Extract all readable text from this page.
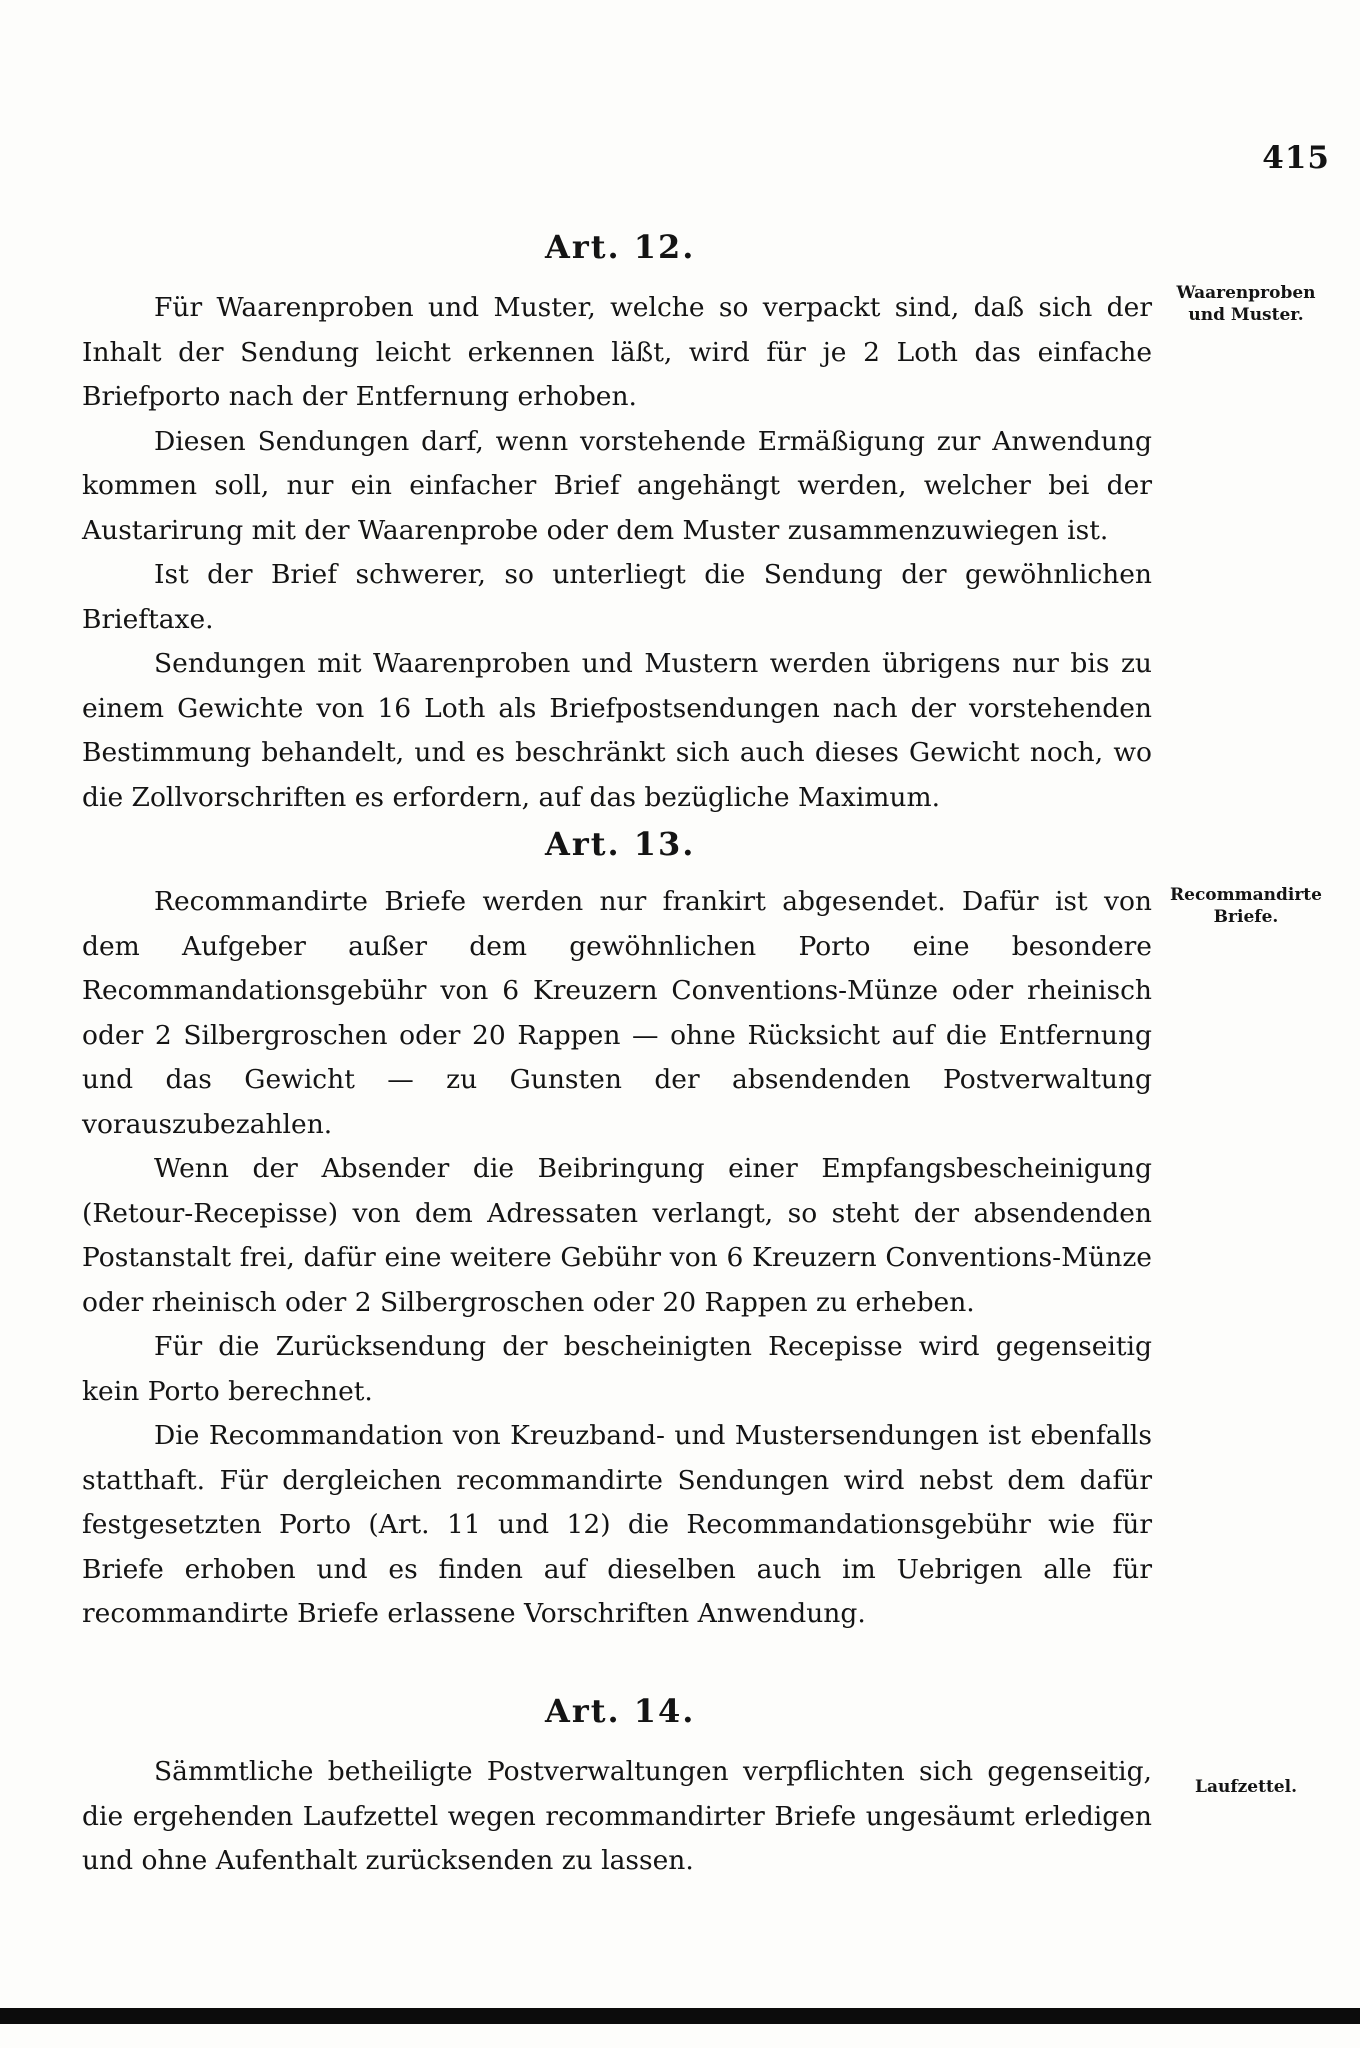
415
Art. 12.
Waarenproben und Muster.

Für Waarenproben und Muster, welche so verpackt sind, daß sich der Inhalt der Sendung leicht erkennen läßt, wird für je 2 Loth das einfache Briefporto nach der Entfernung erhoben.

Diesen Sendungen darf, wenn vorstehende Ermäßigung zur Anwendung kommen soll, nur ein einfacher Brief angehängt werden, welcher bei der Austarirung mit der Waarenprobe oder dem Muster zusammenzuwiegen ist.

Ist der Brief schwerer, so unterliegt die Sendung der gewöhnlichen Brieftaxe.

Sendungen mit Waarenproben und Mustern werden übrigens nur bis zu einem Gewichte von 16 Loth als Briefpostsendungen nach der vorstehenden Bestimmung behandelt, und es beschränkt sich auch dieses Gewicht noch, wo die Zollvorschriften es erfordern, auf das bezügliche Maximum.

Art. 13.
Recommandirte Briefe.

Recommandirte Briefe werden nur frankirt abgesendet. Dafür ist von dem Aufgeber außer dem gewöhnlichen Porto eine besondere Recommandationsgebühr von 6 Kreuzern Conventions-Münze oder rheinisch oder 2 Silbergroschen oder 20 Rappen — ohne Rücksicht auf die Entfernung und das Gewicht — zu Gunsten der absendenden Postverwaltung vorauszubezahlen.

Wenn der Absender die Beibringung einer Empfangsbescheinigung (Retour-Recepisse) von dem Adressaten verlangt, so steht der absendenden Postanstalt frei, dafür eine weitere Gebühr von 6 Kreuzern Conventions-Münze oder rheinisch oder 2 Silbergroschen oder 20 Rappen zu erheben.

Für die Zurücksendung der bescheinigten Recepisse wird gegenseitig kein Porto berechnet.

Die Recommandation von Kreuzband- und Mustersendungen ist ebenfalls statthaft. Für dergleichen recommandirte Sendungen wird nebst dem dafür festgesetzten Porto (Art. 11 und 12) die Recommandationsgebühr wie für Briefe erhoben und es finden auf dieselben auch im Uebrigen alle für recommandirte Briefe erlassene Vorschriften Anwendung.

Art. 14.
Laufzettel.

Sämmtliche betheiligte Postverwaltungen verpflichten sich gegenseitig, die ergehenden Laufzettel wegen recommandirter Briefe ungesäumt erledigen und ohne Aufenthalt zurücksenden zu lassen.
